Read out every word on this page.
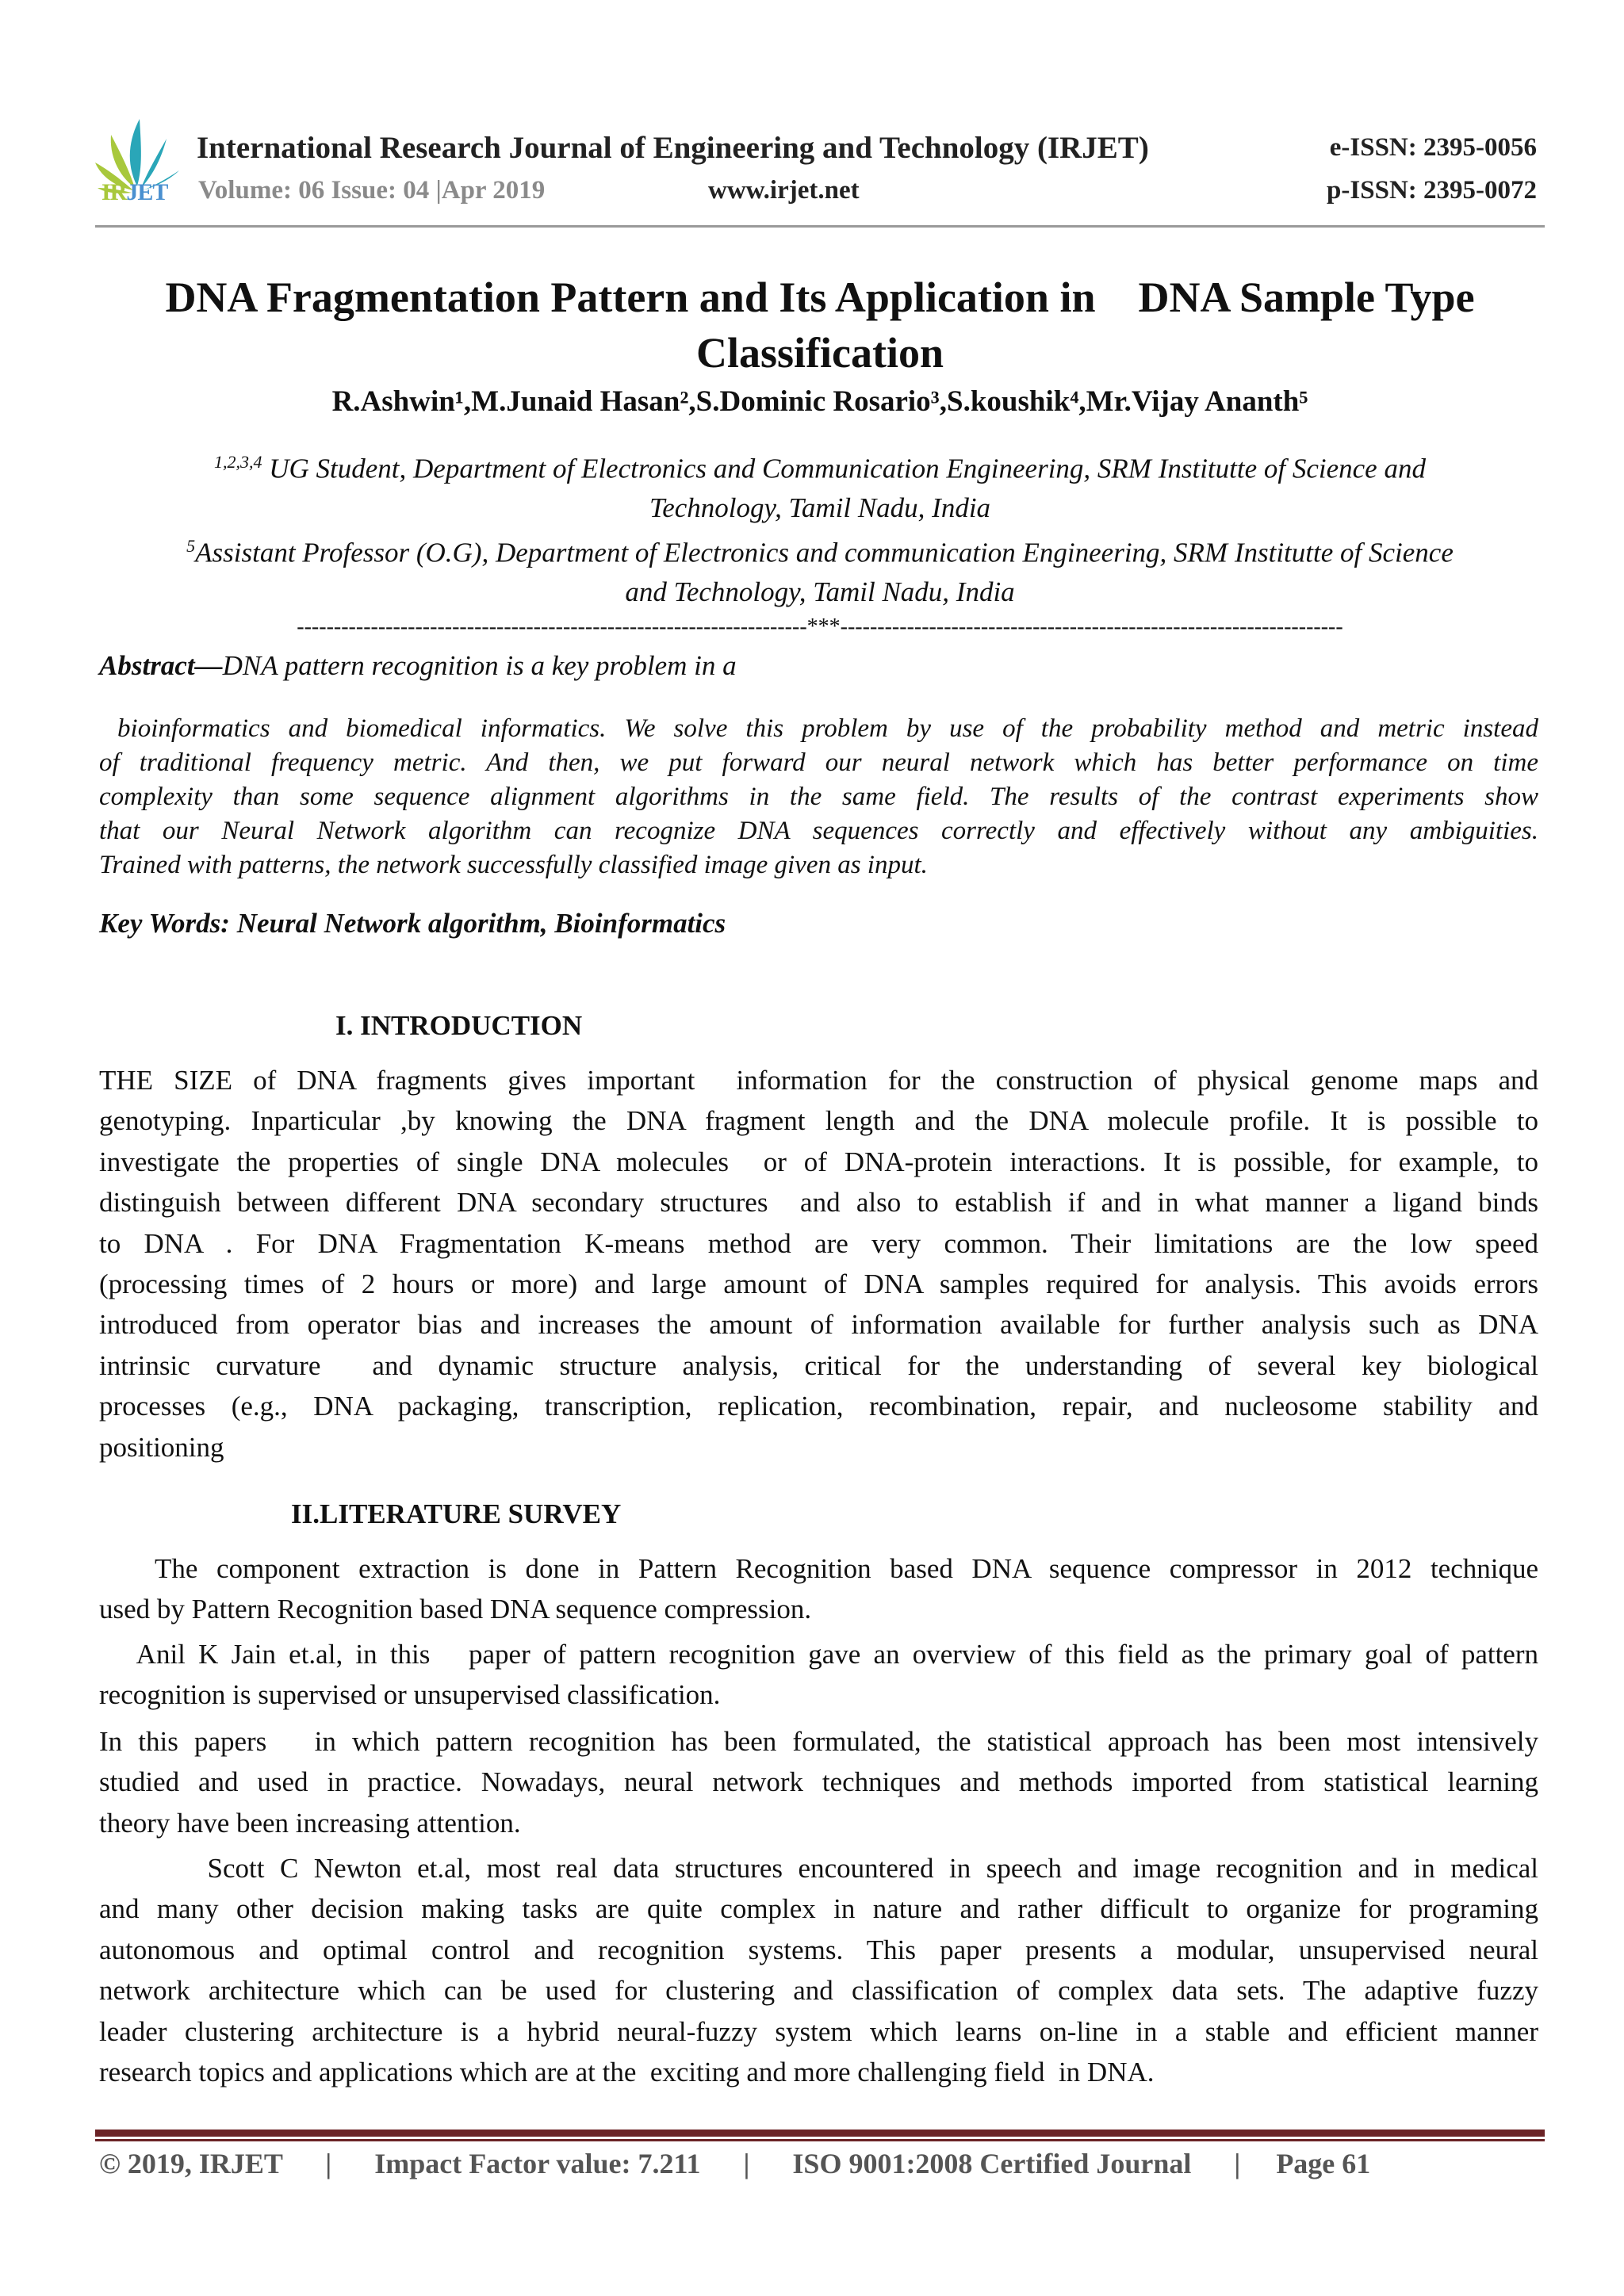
IRJET
International Research Journal of Engineering and Technology (IRJET)
Volume: 06 Issue: 04 |Apr 2019	www.irjet.net
e-ISSN: 2395-0056
p-ISSN: 2395-0072
DNA Fragmentation Pattern and Its Application in    DNA Sample Type
Classification
R.Ashwin¹,M.Junaid Hasan²,S.Dominic Rosario³,S.koushik⁴,Mr.Vijay Ananth⁵
$^{1,2,3,4}$ UG Student, Department of Electronics and Communication Engineering, SRM Institutte of Science and
Technology, Tamil Nadu, India
$^5$Assistant Professor (O.G), Department of Electronics and communication Engineering, SRM Institutte of Science
and Technology, Tamil Nadu, India
---------------------------------------------------------------------***--------------------------------------------------------------------
Abstract—DNA pattern recognition is a key problem in a
bioinformatics and biomedical informatics. We solve this problem by use of the probability method and metric instead
of traditional frequency metric. And then, we put forward our neural network which has better performance on time
complexity than some sequence alignment algorithms in the same field. The results of the contrast experiments show
that our Neural Network algorithm can recognize DNA sequences correctly and effectively without any ambiguities.
Trained with patterns, the network successfully classified image given as input.
Key Words: Neural Network algorithm, Bioinformatics
I. INTRODUCTION
THE SIZE of DNA fragments gives important  information for the construction of physical genome maps and
genotyping. Inparticular ,by knowing the DNA fragment length and the DNA molecule profile. It is possible to
investigate the properties of single DNA molecules  or of DNA-protein interactions. It is possible, for example, to
distinguish between different DNA secondary structures  and also to establish if and in what manner a ligand binds
to DNA . For DNA Fragmentation K-means method are very common. Their limitations are the low speed
(processing times of 2 hours or more) and large amount of DNA samples required for analysis. This avoids errors
introduced from operator bias and increases the amount of information available for further analysis such as DNA
intrinsic curvature  and dynamic structure analysis, critical for the understanding of several key biological
processes (e.g., DNA packaging, transcription, replication, recombination, repair, and nucleosome stability and
positioning
II.LITERATURE SURVEY
The component extraction is done in Pattern Recognition based DNA sequence compressor in 2012 technique
used by Pattern Recognition based DNA sequence compression.
Anil K Jain et.al, in this   paper of pattern recognition gave an overview of this field as the primary goal of pattern
recognition is supervised or unsupervised classification.
In this papers   in which pattern recognition has been formulated, the statistical approach has been most intensively
studied and used in practice. Nowadays, neural network techniques and methods imported from statistical learning
theory have been increasing attention.
Scott C Newton et.al, most real data structures encountered in speech and image recognition and in medical
and many other decision making tasks are quite complex in nature and rather difficult to organize for programing
autonomous and optimal control and recognition systems. This paper presents a modular, unsupervised neural
network architecture which can be used for clustering and classification of complex data sets. The adaptive fuzzy
leader clustering architecture is a hybrid neural-fuzzy system which learns on-line in a stable and efficient manner
research topics and applications which are at the  exciting and more challenging field  in DNA.
© 2019, IRJET      |      Impact Factor value: 7.211      |      ISO 9001:2008 Certified Journal      |     Page 61
